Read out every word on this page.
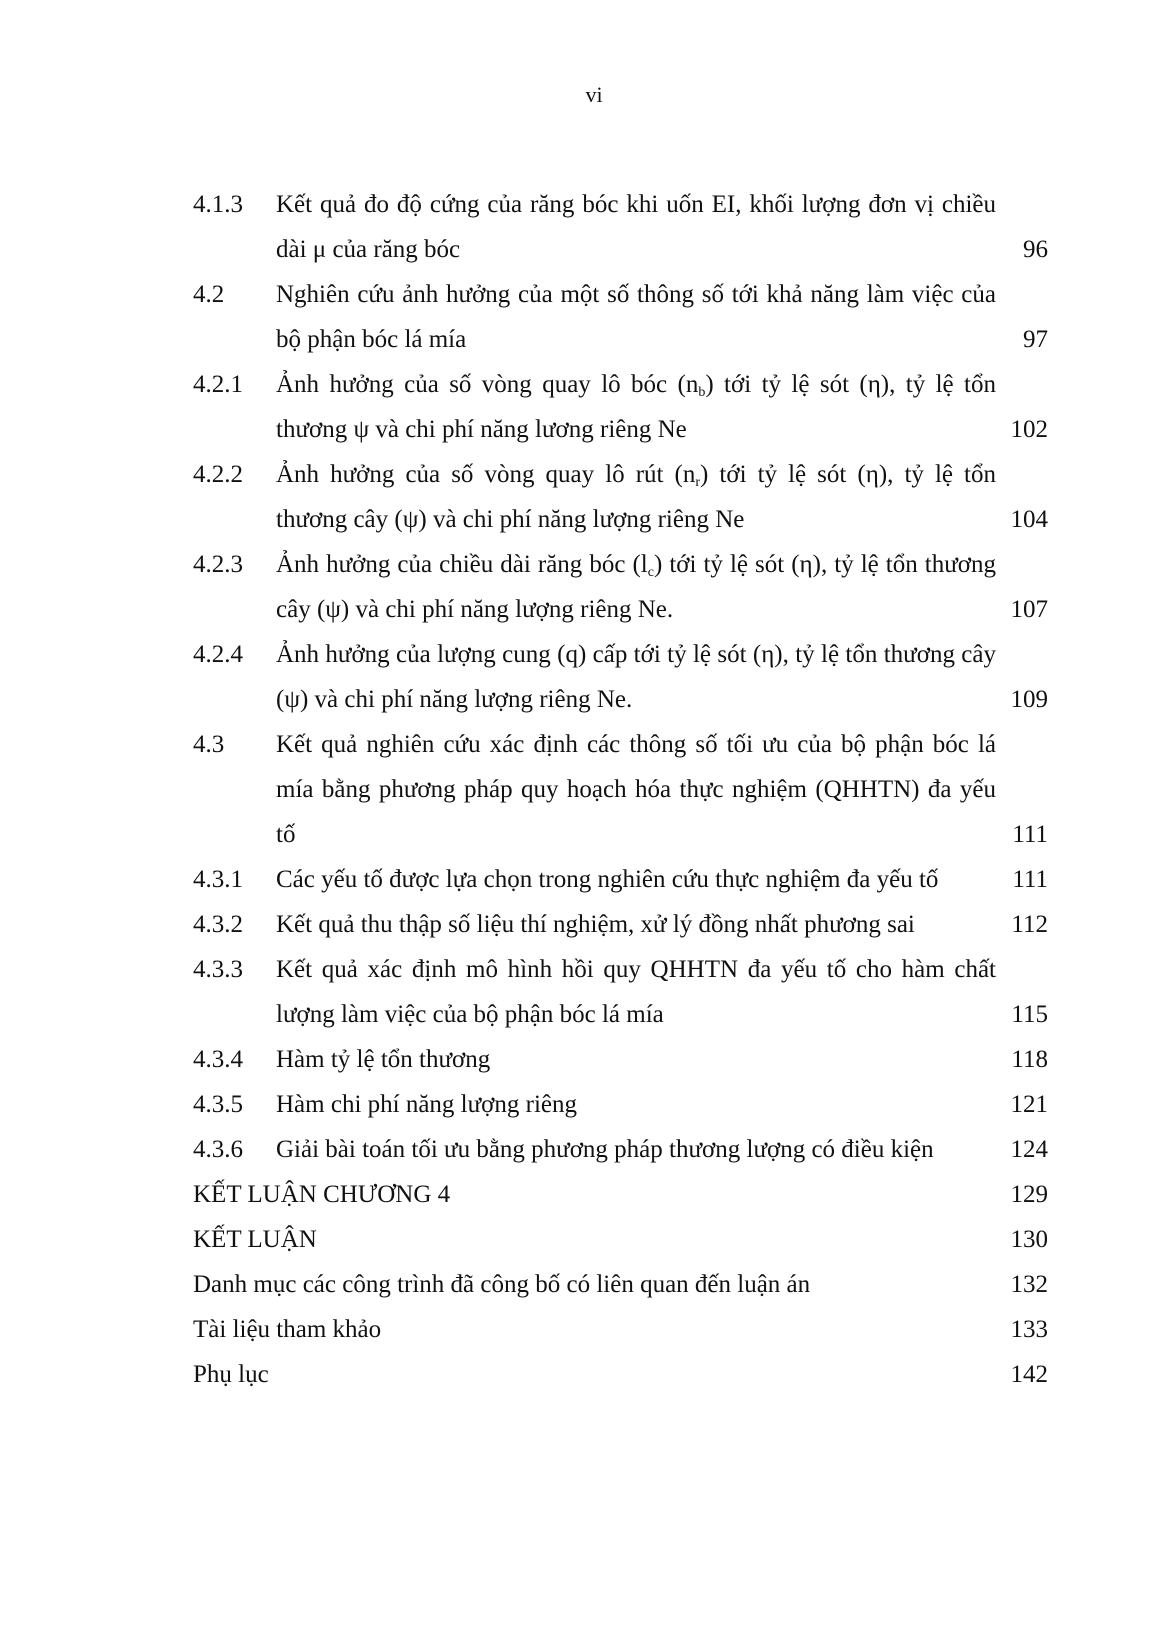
vi
4.1.3 Kết quả đo độ cứng của răng bóc khi uốn EI, khối lượng đơn vị chiều dài μ của răng bóc	96
4.2 Nghiên cứu ảnh hưởng của một số thông số tới khả năng làm việc của bộ phận bóc lá mía	97
4.2.1 Ảnh hưởng của số vòng quay lô bóc $(n_b)$ tới tỷ lệ sót (η), tỷ lệ tổn thương ψ và chi phí năng lương riêng Ne	102
4.2.2 Ảnh hưởng của số vòng quay lô rút $(n_r)$ tới tỷ lệ sót (η), tỷ lệ tổn thương cây (ψ) và chi phí năng lượng riêng Ne	104
4.2.3 Ảnh hưởng của chiều dài răng bóc $(l_c)$ tới tỷ lệ sót (η), tỷ lệ tổn thương cây (ψ) và chi phí năng lượng riêng Ne.	107
4.2.4 Ảnh hưởng của lượng cung (q) cấp tới tỷ lệ sót (η), tỷ lệ tổn thương cây (ψ) và chi phí năng lượng riêng Ne.	109
4.3 Kết quả nghiên cứu xác định các thông số tối ưu của bộ phận bóc lá mía bằng phương pháp quy hoạch hóa thực nghiệm (QHHTN) đa yếu tố	111
4.3.1 Các yếu tố được lựa chọn trong nghiên cứu thực nghiệm đa yếu tố	111
4.3.2 Kết quả thu thập số liệu thí nghiệm, xử lý đồng nhất phương sai	112
4.3.3 Kết quả xác định mô hình hồi quy QHHTN đa yếu tố cho hàm chất lượng làm việc của bộ phận bóc lá mía	115
4.3.4 Hàm tỷ lệ tổn thương	118
4.3.5 Hàm chi phí năng lượng riêng	121
4.3.6 Giải bài toán tối ưu bằng phương pháp thương lượng có điều kiện	124
KẾT LUẬN CHƯƠNG 4	129
KẾT LUẬN	130
Danh mục các công trình đã công bố có liên quan đến luận án	132
Tài liệu tham khảo	133
Phụ lục	142
